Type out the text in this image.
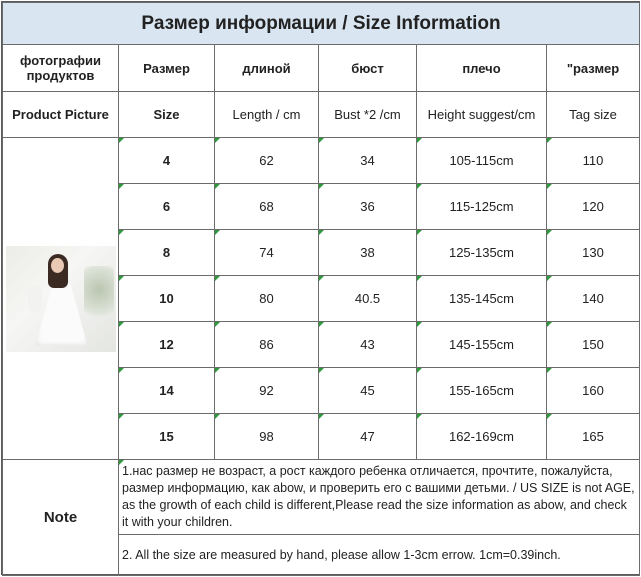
Размер информации / Size Information					
фотографии продуктов	Размер	длиной	бюст	плечо	"размер
Product Picture	Size	Length / cm	Bust *2 /cm	Height suggest/cm	Tag size

	4	62	34	105-115cm	110
	6	68	36	115-125cm	120
	8	74	38	125-135cm	130
	10	80	40.5	135-145cm	140
	12	86	43	145-155cm	150
	14	92	45	155-165cm	160
	15	98	47	162-169cm	165
Note	1.нас размер не возраст, а рост каждого ребенка отличается, прочтите, пожалуйста, размер информацию, как abow, и проверить его с вашими детьми. / US SIZE is not AGE, as the growth of each child is different,Please read the size information as abow, and check it with your children.				
	2. All the size are measured by hand, please allow 1-3cm errow. 1cm=0.39inch.				
